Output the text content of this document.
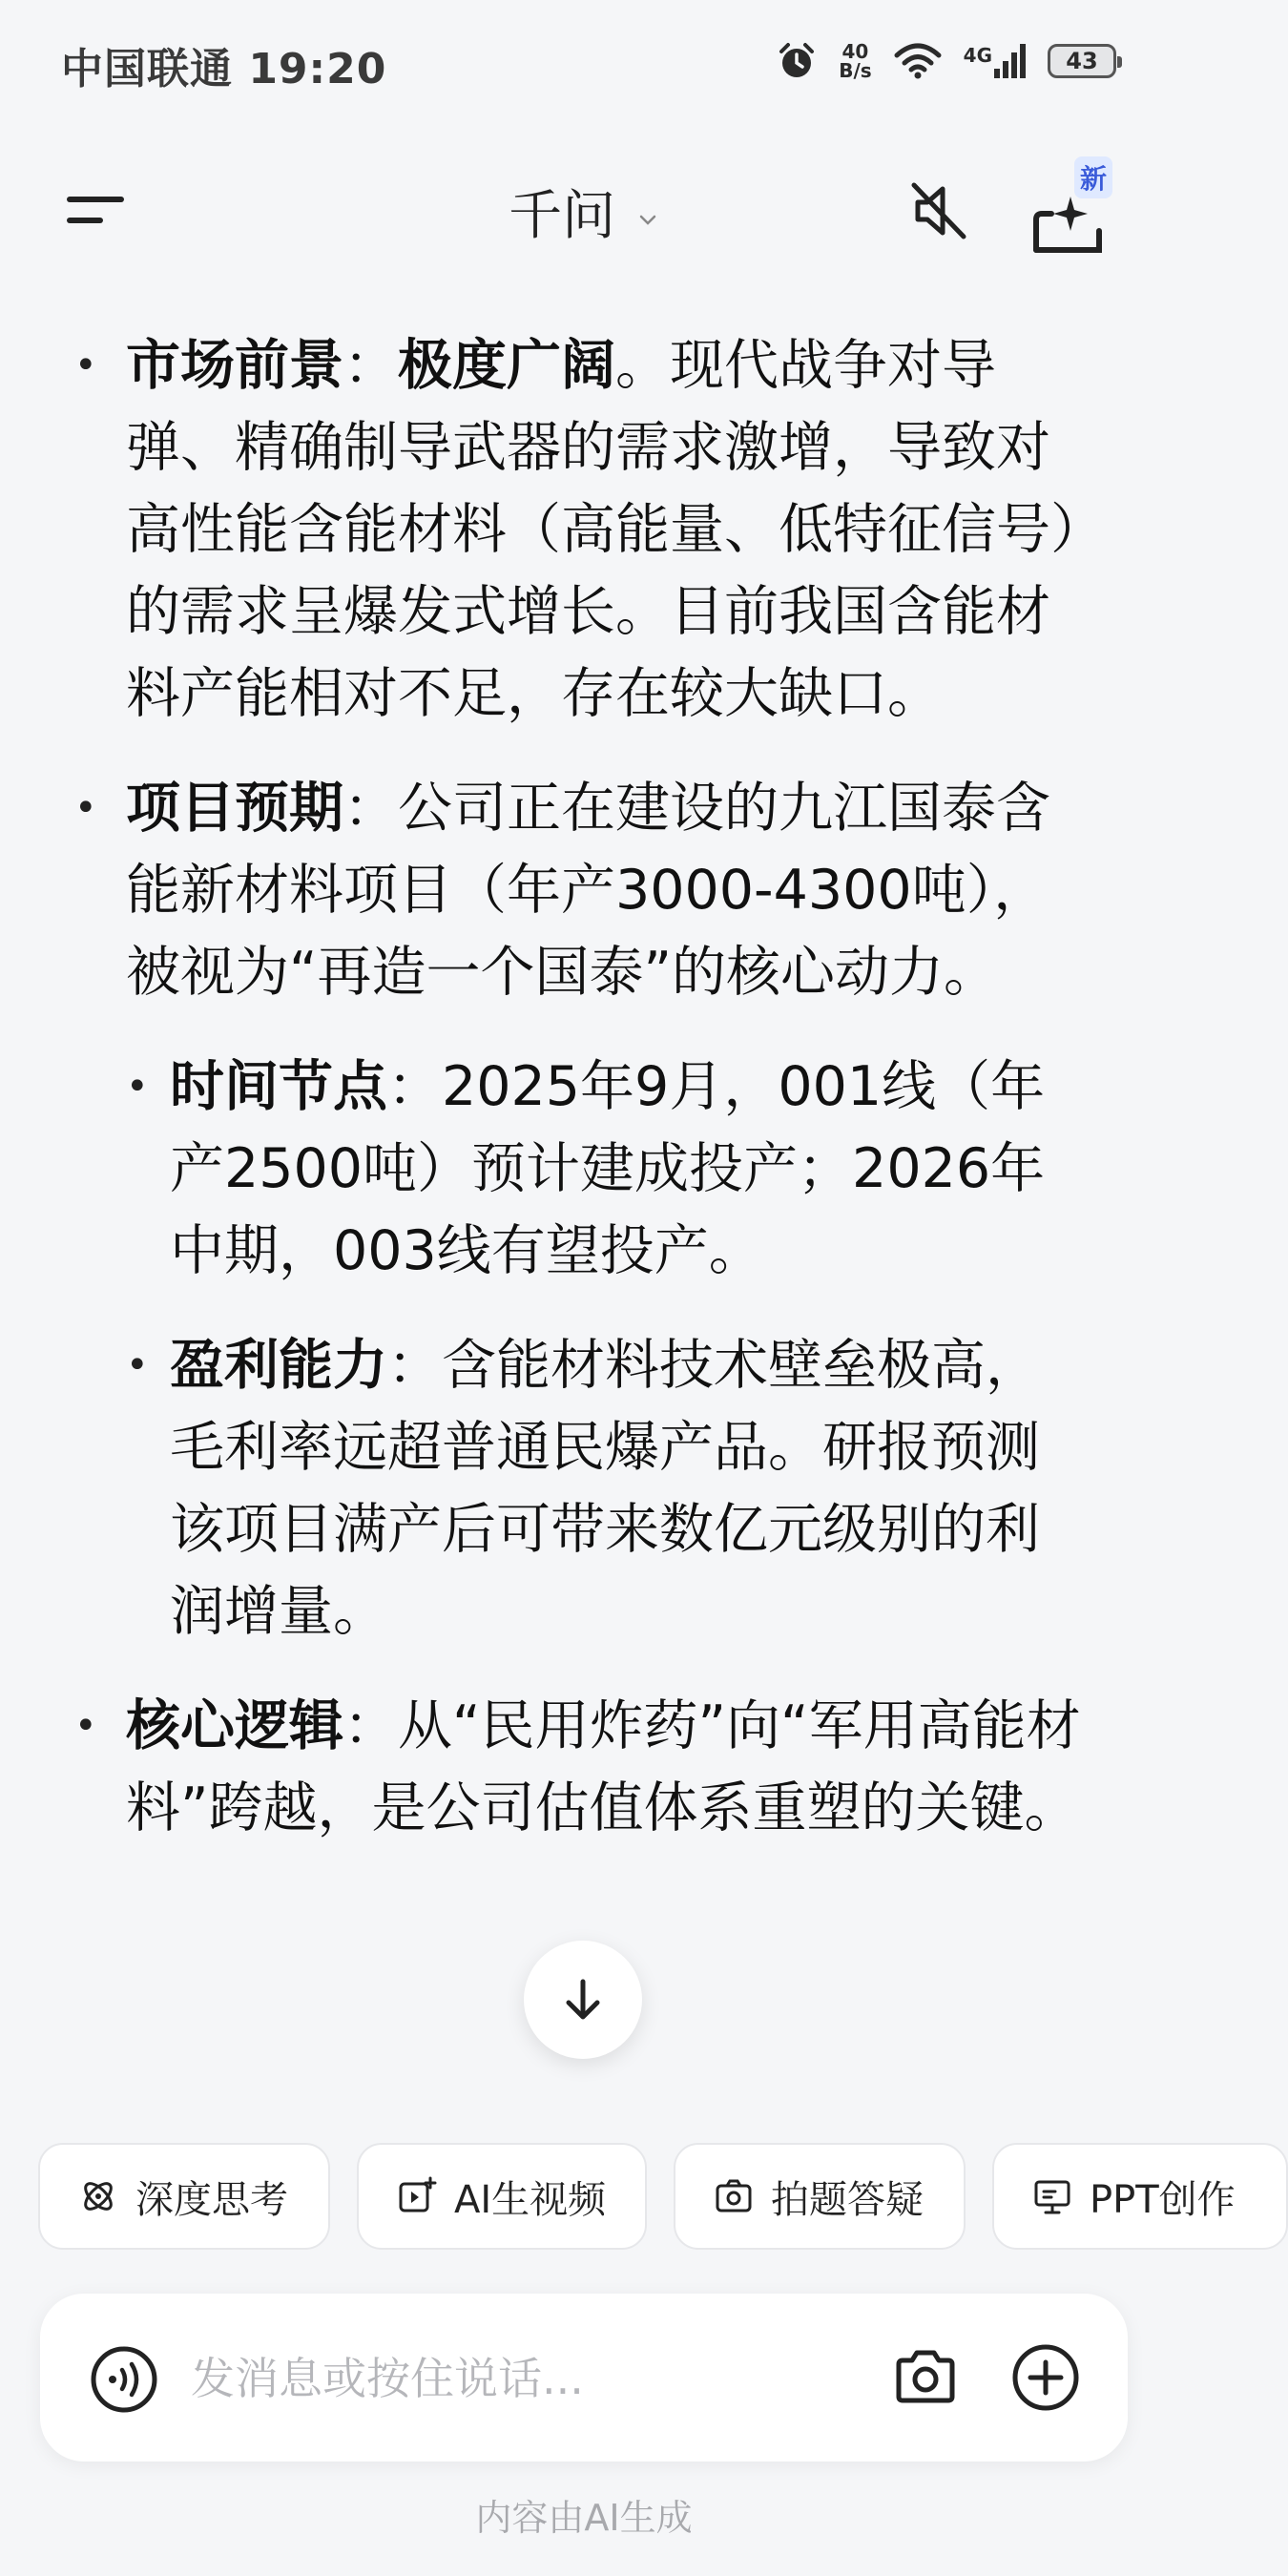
中国联通 19:20	40
B/s
4G	43
千问
新
• 市场前景：极度广阔。现代战争对导弹、精确制导武器的需求激增，导致对高性能含能材料（高能量、低特征信号）的需求呈爆发式增长。目前我国含能材料产能相对不足，存在较大缺口。
• 项目预期：公司正在建设的九江国泰含能新材料项目（年产3000-4300吨），被视为“再造一个国泰”的核心动力。
• 时间节点：2025年9月，001线（年产2500吨）预计建成投产；2026年中期，003线有望投产。
• 盈利能力：含能材料技术壁垒极高，毛利率远超普通民爆产品。研报预测该项目满产后可带来数亿元级别的利润增量。
• 核心逻辑：从“民用炸药”向“军用高能材料”跨越，是公司估值体系重塑的关键。
深度思考	AI生视频	拍题答疑	PPT创作
发消息或按住说话...
内容由AI生成
